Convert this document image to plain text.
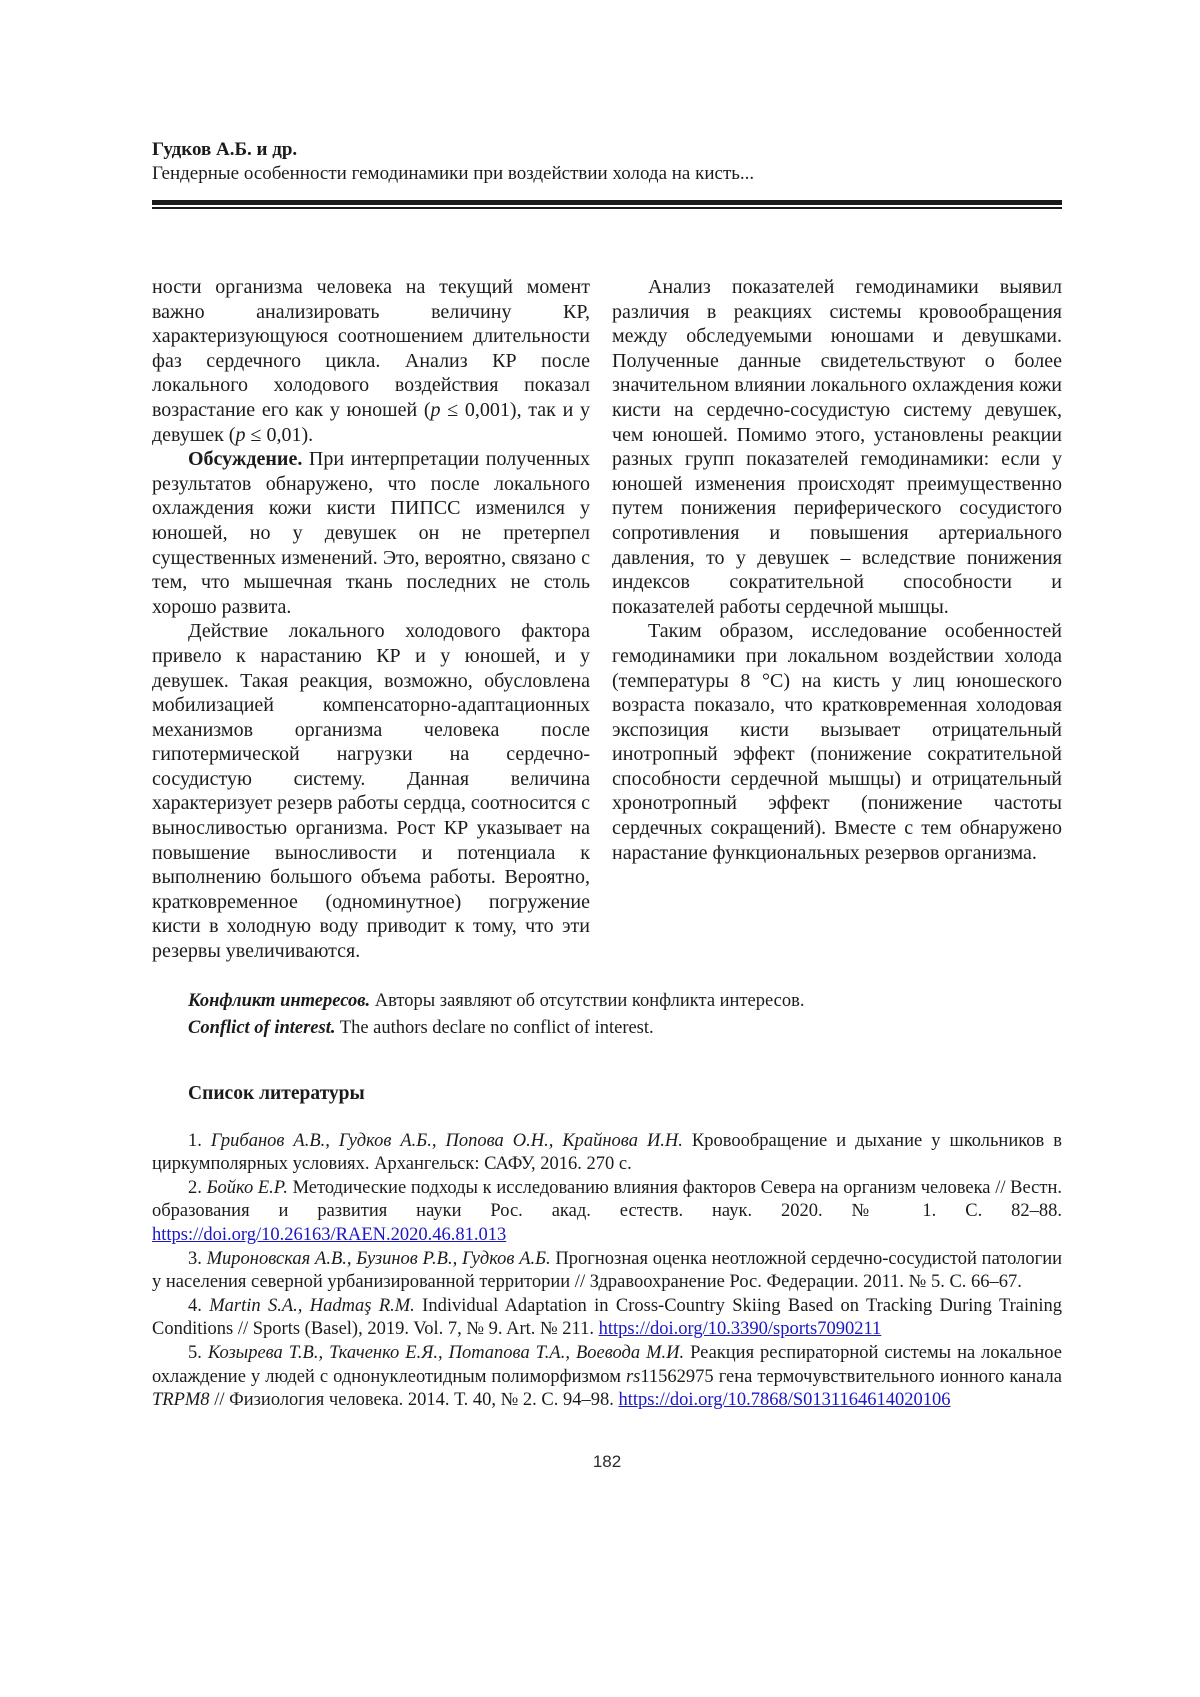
Гудков А.Б. и др.
Гендерные особенности гемодинамики при воздействии холода на кисть...

ности организма человека на текущий момент важно анализировать величину КР, характеризующуюся соотношением длительности фаз сердечного цикла. Анализ КР после локального холодового воздействия показал возрастание его как у юношей (p ≤ 0,001), так и у девушек (p ≤ 0,01).

Обсуждение. При интерпретации полученных результатов обнаружено, что после локального охлаждения кожи кисти ПИПСС изменился у юношей, но у девушек он не претерпел существенных изменений. Это, вероятно, связано с тем, что мышечная ткань последних не столь хорошо развита.

Действие локального холодового фактора привело к нарастанию КР и у юношей, и у девушек. Такая реакция, возможно, обусловлена мобилизацией компенсаторно-адаптационных механизмов организма человека после гипотермической нагрузки на сердечно-сосудистую систему. Данная величина характеризует резерв работы сердца, соотносится с выносливостью организма. Рост КР указывает на повышение выносливости и потенциала к выполнению большого объема работы. Вероятно, кратковременное (одноминутное) погружение кисти в холодную воду приводит к тому, что эти резервы увеличиваются.

Анализ показателей гемодинамики выявил различия в реакциях системы кровообращения между обследуемыми юношами и девушками. Полученные данные свидетельствуют о более значительном влиянии локального охлаждения кожи кисти на сердечно-сосудистую систему девушек, чем юношей. Помимо этого, установлены реакции разных групп показателей гемодинамики: если у юношей изменения происходят преимущественно путем понижения периферического сосудистого сопротивления и повышения артериального давления, то у девушек – вследствие понижения индексов сократительной способности и показателей работы сердечной мышцы.

Таким образом, исследование особенностей гемодинамики при локальном воздействии холода (температуры 8 °C) на кисть у лиц юношеского возраста показало, что кратковременная холодовая экспозиция кисти вызывает отрицательный инотропный эффект (понижение сократительной способности сердечной мышцы) и отрицательный хронотропный эффект (понижение частоты сердечных сокращений). Вместе с тем обнаружено нарастание функциональных резервов организма.

Конфликт интересов. Авторы заявляют об отсутствии конфликта интересов.

Conflict of interest. The authors declare no conflict of interest.

Список литературы

1. Грибанов А.В., Гудков А.Б., Попова О.Н., Крайнова И.Н. Кровообращение и дыхание у школьников в циркумполярных условиях. Архангельск: САФУ, 2016. 270 с.

2. Бойко Е.Р. Методические подходы к исследованию влияния факторов Севера на организм человека // Вестн. образования и развития науки Рос. акад. естеств. наук. 2020. № 1. С. 82–88. https://doi.org/10.26163/RAEN.2020.46.81.013

3. Мироновская А.В., Бузинов Р.В., Гудков А.Б. Прогнозная оценка неотложной сердечно-сосудистой патологии у населения северной урбанизированной территории // Здравоохранение Рос. Федерации. 2011. № 5. С. 66–67.

4. Martin S.A., Hadmaş R.M. Individual Adaptation in Cross-Country Skiing Based on Tracking During Training Conditions // Sports (Basel), 2019. Vol. 7, № 9. Art. № 211. https://doi.org/10.3390/sports7090211

5. Козырева Т.В., Ткаченко Е.Я., Потапова Т.А., Воевода М.И. Реакция респираторной системы на локальное охлаждение у людей с однонуклеотидным полиморфизмом rs11562975 гена термочувствительного ионного канала TRPM8 // Физиология человека. 2014. Т. 40, № 2. С. 94–98. https://doi.org/10.7868/S0131164614020106

182
